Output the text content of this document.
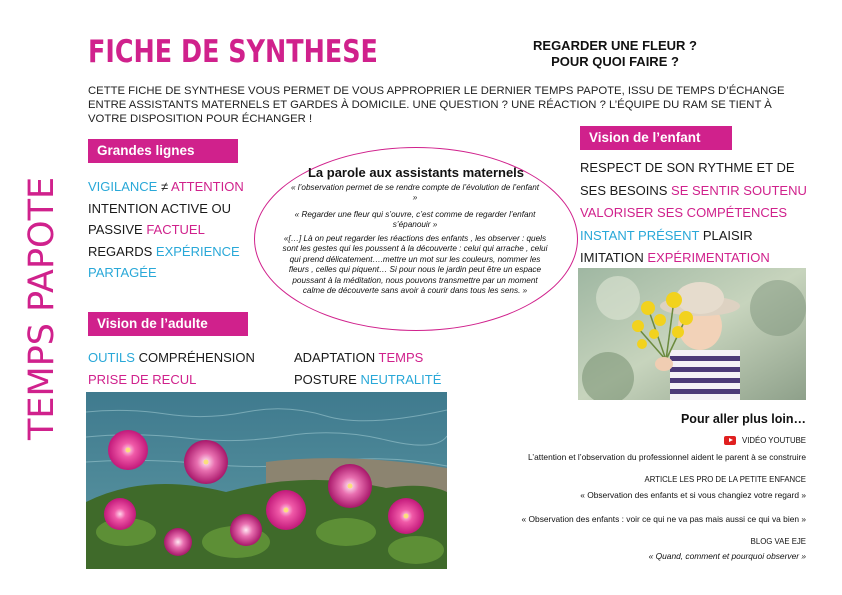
TEMPS PAPOTE
FICHE DE SYNTHESE	REGARDER UNE FLEUR ?
POUR QUOI FAIRE ?
CETTE FICHE DE SYNTHESE VOUS PERMET DE VOUS APPROPRIER LE DERNIER TEMPS PAPOTE, ISSU DE TEMPS D’ÉCHANGE ENTRE ASSISTANTS MATERNELS ET GARDES À DOMICILE. UNE QUESTION ? UNE RÉACTION ? L’ÉQUIPE DU RAM SE TIENT À VOTRE DISPOSITION POUR ÉCHANGER !
Grandes lignes
VIGILANCE ≠ ATTENTION
INTENTION ACTIVE OU
PASSIVE FACTUEL
REGARDS EXPÉRIENCE
PARTAGÉE
La parole aux assistants maternels
« l’observation permet de se rendre compte de l’évolution de l’enfant »
« Regarder une fleur qui s’ouvre, c’est comme de regarder l’enfant s’épanouir »
«[…] Là on peut regarder les réactions des enfants , les observer : quels sont les gestes qui les poussent à la découverte : celui qui arrache , celui qui prend délicatement….mettre un mot sur les couleurs, nommer les fleurs , celles qui piquent… Si pour nous le jardin peut être un espace poussant à la méditation, nous pouvons transmettre par un moment calme de découverte sans avoir à courir dans tous les sens. »
Vision de l’enfant
RESPECT DE SON RYTHME ET DE
SES BESOINS SE SENTIR SOUTENU
VALORISER SES COMPÉTENCES
INSTANT PRÉSENT PLAISIR
IMITATION EXPÉRIMENTATION
Vision de l’adulte
OUTILS COMPRÉHENSION
PRISE DE RECUL
ADAPTATION TEMPS
POSTURE NEUTRALITÉ
Pour aller plus loin…
VIDÉO YOUTUBE
L’attention et l’observation du professionnel aident le parent à se construire
ARTICLE LES PRO DE LA PETITE ENFANCE
« Observation des enfants et si vous changiez votre regard »
« Observation des enfants : voir ce qui ne va pas mais aussi ce qui va bien »
BLOG VAE EJE
« Quand, comment et pourquoi observer »
